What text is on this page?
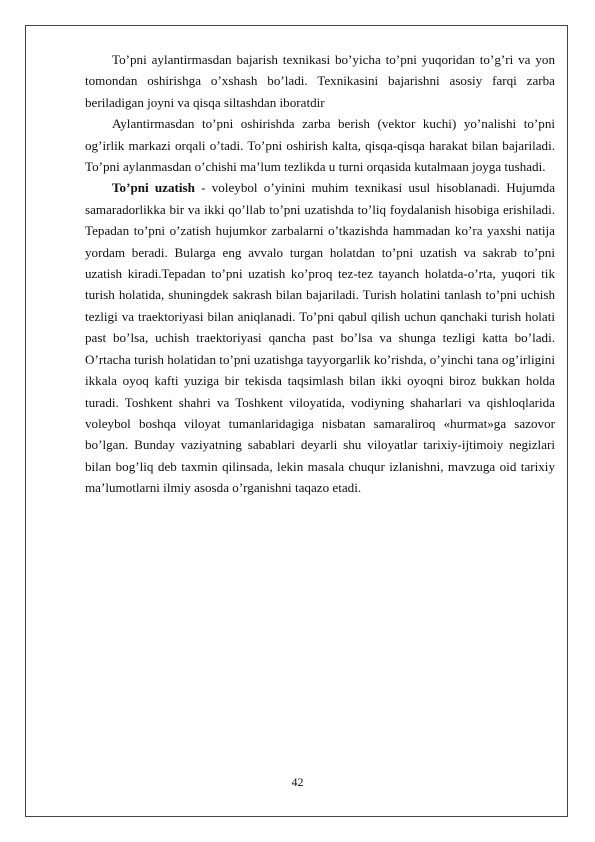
To’pni aylantirmasdan bajarish texnikasi bo’yicha to’pni yuqoridan to’g’ri va yon tomondan oshirishga o’xshash bo’ladi. Texnikasini bajarishni asosiy farqi zarba beriladigan joyni va qisqa siltashdan iboratdir

Aylantirmasdan to’pni oshirishda zarba berish (vektor kuchi) yo’nalishi to’pni og’irlik markazi orqali o’tadi. To’pni oshirish kalta, qisqa-qisqa harakat bilan bajariladi. To’pni aylanmasdan o’chishi ma’lum tezlikda u turni orqasida kutalmaan joyga tushadi.

To’pni uzatish - voleybol o’yinini muhim texnikasi usul hisoblanadi. Hujumda samaradorlikka bir va ikki qo’llab to’pni uzatishda to’liq foydalanish hisobiga erishiladi. Tepadan to’pni o’zatish hujumkor zarbalarni o’tkazishda hammadan ko’ra yaxshi natija yordam beradi. Bularga eng avvalo turgan holatdan to’pni uzatish va sakrab to’pni uzatish kiradi.Tepadan to’pni uzatish ko’proq tez-tez tayanch holatda-o’rta, yuqori tik turish holatida, shuningdek sakrash bilan bajariladi. Turish holatini tanlash to’pni uchish tezligi va traektoriyasi bilan aniqlanadi. To’pni qabul qilish uchun qanchaki turish holati past bo’lsa, uchish traektoriyasi qancha past bo’lsa va shunga tezligi katta bo’ladi. O’rtacha turish holatidan to’pni uzatishga tayyorgarlik ko’rishda, o’yinchi tana og’irligini ikkala oyoq kafti yuziga bir tekisda taqsimlash bilan ikki oyoqni biroz bukkan holda turadi. Toshkent shahri va Toshkent viloyatida, vodiyning shaharlari va qishloqlarida voleybol boshqa viloyat tumanlaridagiga nisbatan samaraliroq «hurmat»ga sazovor bo’lgan. Bunday vaziyatning sabablari deyarli shu viloyatlar tarixiy-ijtimoiy negizlari bilan bog’liq deb taxmin qilinsada, lekin masala chuqur izlanishni, mavzuga oid tarixiy ma’lumotlarni ilmiy asosda o’rganishni taqazo etadi.

42
